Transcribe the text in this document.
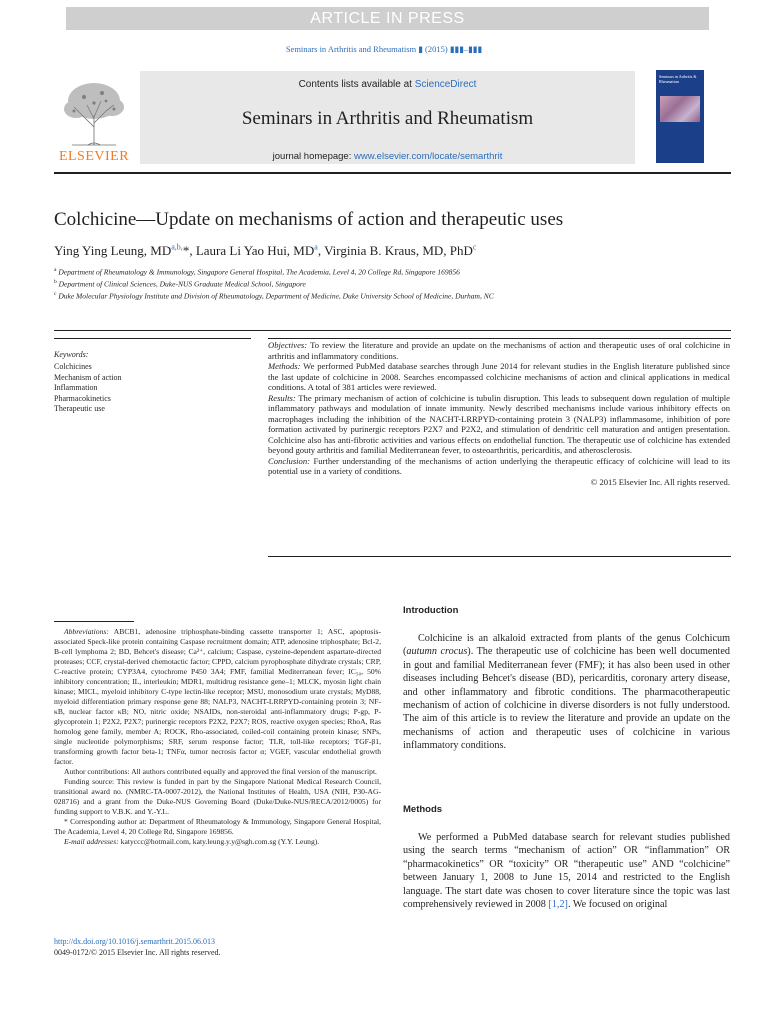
ARTICLE IN PRESS
Seminars in Arthritis and Rheumatism ▮ (2015) ▮▮▮–▮▮▮
ELSEVIER
Contents lists available at ScienceDirect
Seminars in Arthritis and Rheumatism
journal homepage: www.elsevier.com/locate/semarthrit
Seminars in Arthritis & Rheumatism
Colchicine—Update on mechanisms of action and therapeutic uses
Ying Ying Leung, $MD^{a,b,}*$, Laura Li Yao Hui, $MD^a$, Virginia B. Kraus, MD, PhD$^c$
$^a$ Department of Rheumatology & Immunology, Singapore General Hospital, The Academia, Level 4, 20 College Rd, Singapore 169856
$^b$ Department of Clinical Sciences, Duke-NUS Graduate Medical School, Singapore
$^c$ Duke Molecular Physiology Institute and Division of Rheumatology, Department of Medicine, Duke University School of Medicine, Durham, NC
Keywords:
Colchicines
Mechanism of action
Inflammation
Pharmacokinetics
Therapeutic use

Objectives: To review the literature and provide an update on the mechanisms of action and therapeutic uses of oral colchicine in arthritis and inflammatory conditions.

Methods: We performed PubMed database searches through June 2014 for relevant studies in the English literature published since the last update of colchicine in 2008. Searches encompassed colchicine mechanisms of action and clinical applications in medical conditions. A total of 381 articles were reviewed.

Results: The primary mechanism of action of colchicine is tubulin disruption. This leads to subsequent down regulation of multiple inflammatory pathways and modulation of innate immunity. Newly described mechanisms include various inhibitory effects on macrophages including the inhibition of the NACHT-LRRPYD-containing protein 3 (NALP3) inflammasome, inhibition of pore formation activated by purinergic receptors P2X7 and P2X2, and stimulation of dendritic cell maturation and antigen presentation. Colchicine also has anti-fibrotic activities and various effects on endothelial function. The therapeutic use of colchicine has extended beyond gouty arthritis and familial Mediterranean fever, to osteoarthritis, pericarditis, and atherosclerosis.

Conclusion: Further understanding of the mechanisms of action underlying the therapeutic efficacy of colchicine will lead to its potential use in a variety of conditions.

© 2015 Elsevier Inc. All rights reserved.

Abbreviations: ABCB1, adenosine triphosphate-binding cassette transporter 1; ASC, apoptosis-associated Speck-like protein containing Caspase recruitment domain; ATP, adenosine triphosphate; Bcl-2, B-cell lymphoma 2; BD, Behcet's disease; Ca²⁺, calcium; Caspase, cysteine-dependent aspartate-directed proteases; CCF, crystal-derived chemotactic factor; CPPD, calcium pyrophosphate dihydrate crystals; CRP, C-reactive protein; CYP3A4, cytochrome P450 3A4; FMF, familial Mediterranean fever; IC₅₀, 50% inhibitory concentration; IL, interleukin; MDR1, multidrug resistance gene–1; MLCK, myosin light chain kinase; MICL, myeloid inhibitory C-type lectin-like receptor; MSU, monosodium urate crystals; MyD88, myeloid differentiation primary response gene 88; NALP3, NACHT-LRRPYD-containing protein 3; NF-κB, nuclear factor κB; NO, nitric oxide; NSAIDs, non-steroidal anti-inflammatory drugs; P-gp, P-glycoprotein 1; P2X2, P2X7; purinergic receptors P2X2, P2X7; ROS, reactive oxygen species; RhoA, Ras homolog gene family, member A; ROCK, Rho-associated, coiled-coil containing protein kinase; SNPs, single nucleotide polymorphisms; SRF, serum response factor; TLR, toll-like receptors; TGF-β1, transforming growth factor beta-1; TNFα, tumor necrosis factor α; VGEF, vascular endothelial growth factor.

Author contributions: All authors contributed equally and approved the final version of the manuscript.

Funding source: This review is funded in part by the Singapore National Medical Research Council, transitional award no. (NMRC-TA-0007-2012), the National Institutes of Health, USA (NIH, P30-AG-028716) and a grant from the Duke-NUS Governing Board (Duke/Duke-NUS/RECA/2012/0005) for funding support to V.B.K. and Y.-Y.L.

* Corresponding author at: Department of Rheumatology & Immunology, Singapore General Hospital, The Academia, Level 4, 20 College Rd, Singapore 169856.

E-mail addresses: katyccc@hotmail.com, katy.leung.y.y@sgh.com.sg (Y.Y. Leung).

http://dx.doi.org/10.1016/j.semarthrit.2015.06.013
0049-0172/© 2015 Elsevier Inc. All rights reserved.
Introduction

Colchicine is an alkaloid extracted from plants of the genus Colchicum (autumn crocus). The therapeutic use of colchicine has been well documented in gout and familial Mediterranean fever (FMF); it has also been used in other diseases including Behcet's disease (BD), pericarditis, coronary artery disease, and other inflammatory and fibrotic conditions. The pharmacotherapeutic mechanism of action of colchicine in diverse disorders is not fully understood. The aim of this article is to review the literature and provide an update on the mechanisms of action and therapeutic uses of colchicine in various inflammatory conditions.

Methods

We performed a PubMed database search for relevant studies published using the search terms “mechanism of action” OR “inflammation” OR “pharmacokinetics” OR “toxicity” OR “therapeutic use” AND “colchicine” between January 1, 2008 to June 15, 2014 and restricted to the English language. The start date was chosen to cover literature since the topic was last comprehensively reviewed in 2008 [1,2]. We focused on original
